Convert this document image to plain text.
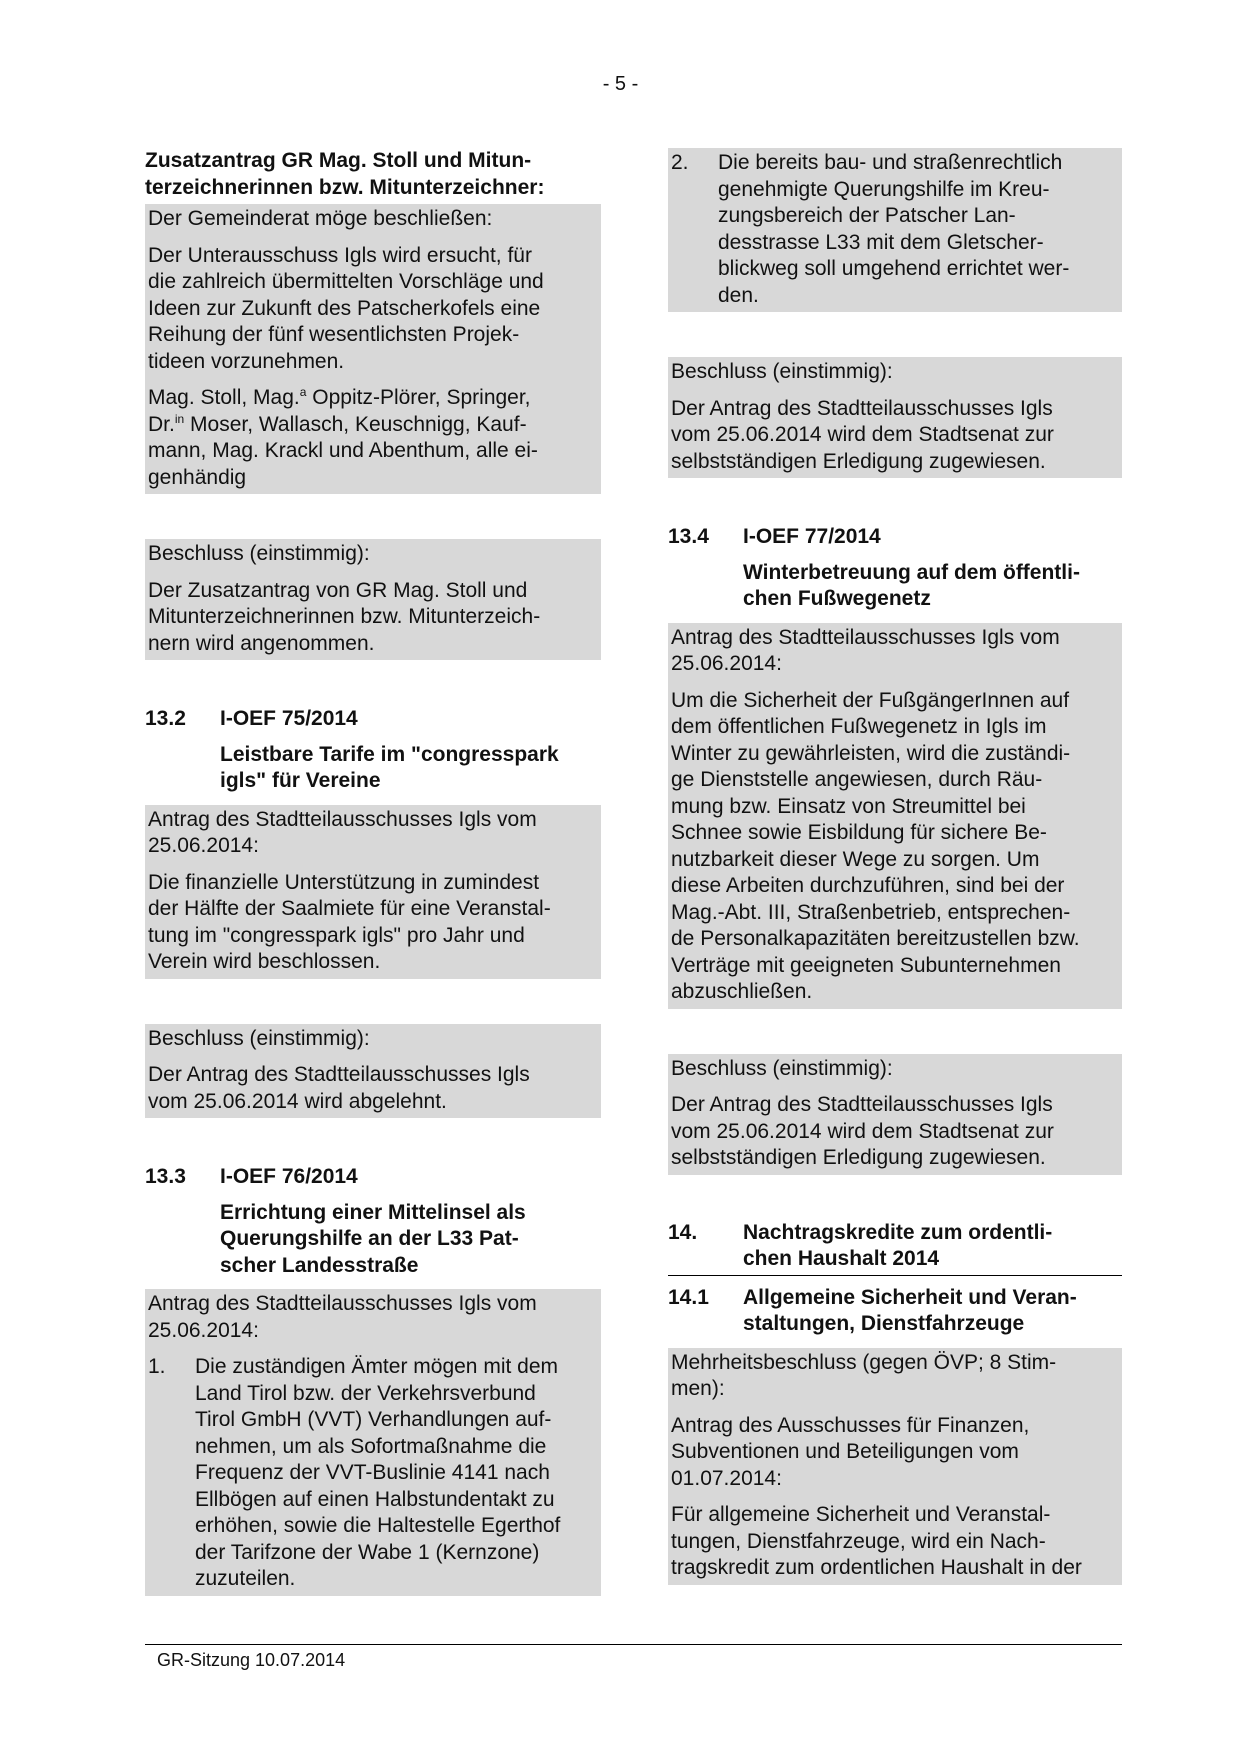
- 5 -
Zusatzantrag GR Mag. Stoll und Mitun-
terzeichnerinnen bzw. Mitunterzeichner:

Der Gemeinderat möge beschließen:

Der Unterausschuss Igls wird ersucht, für
die zahlreich übermittelten Vorschläge und
Ideen zur Zukunft des Patscherkofels eine
Reihung der fünf wesentlichsten Projek-
tideen vorzunehmen.

Mag. Stoll, Mag.$^a$ Oppitz-Plörer, Springer,
Dr.$^{in}$ Moser, Wallasch, Keuschnigg, Kauf-
mann, Mag. Krackl und Abenthum, alle ei-
genhändig

Beschluss (einstimmig):

Der Zusatzantrag von GR Mag. Stoll und
Mitunterzeichnerinnen bzw. Mitunterzeich-
nern wird angenommen.

13.2	I-OEF 75/2014
Leistbare Tarife im "congresspark
igls" für Vereine

Antrag des Stadtteilausschusses Igls vom
25.06.2014:

Die finanzielle Unterstützung in zumindest
der Hälfte der Saalmiete für eine Veranstal-
tung im "congresspark igls" pro Jahr und
Verein wird beschlossen.

Beschluss (einstimmig):

Der Antrag des Stadtteilausschusses Igls
vom 25.06.2014 wird abgelehnt.

13.3	I-OEF 76/2014
Errichtung einer Mittelinsel als
Querungshilfe an der L33 Pat-
scher Landesstraße

Antrag des Stadtteilausschusses Igls vom
25.06.2014:

1.	Die zuständigen Ämter mögen mit dem
Land Tirol bzw. der Verkehrsverbund
Tirol GmbH (VVT) Verhandlungen auf-
nehmen, um als Sofortmaßnahme die
Frequenz der VVT-Buslinie 4141 nach
Ellbögen auf einen Halbstundentakt zu
erhöhen, sowie die Haltestelle Egerthof
der Tarifzone der Wabe 1 (Kernzone)
zuzuteilen.

2.	Die bereits bau- und straßenrechtlich
genehmigte Querungshilfe im Kreu-
zungsbereich der Patscher Lan-
desstrasse L33 mit dem Gletscher-
blickweg soll umgehend errichtet wer-
den.

Beschluss (einstimmig):

Der Antrag des Stadtteilausschusses Igls
vom 25.06.2014 wird dem Stadtsenat zur
selbstständigen Erledigung zugewiesen.

13.4	I-OEF 77/2014
Winterbetreuung auf dem öffentli-
chen Fußwegenetz

Antrag des Stadtteilausschusses Igls vom
25.06.2014:

Um die Sicherheit der FußgängerInnen auf
dem öffentlichen Fußwegenetz in Igls im
Winter zu gewährleisten, wird die zuständi-
ge Dienststelle angewiesen, durch Räu-
mung bzw. Einsatz von Streumittel bei
Schnee sowie Eisbildung für sichere Be-
nutzbarkeit dieser Wege zu sorgen. Um
diese Arbeiten durchzuführen, sind bei der
Mag.-Abt. III, Straßenbetrieb, entsprechen-
de Personalkapazitäten bereitzustellen bzw.
Verträge mit geeigneten Subunternehmen
abzuschließen.

Beschluss (einstimmig):

Der Antrag des Stadtteilausschusses Igls
vom 25.06.2014 wird dem Stadtsenat zur
selbstständigen Erledigung zugewiesen.

14.	Nachtragskredite zum ordentli-
chen Haushalt 2014
14.1	Allgemeine Sicherheit und Veran-
staltungen, Dienstfahrzeuge

Mehrheitsbeschluss (gegen ÖVP; 8 Stim-
men):

Antrag des Ausschusses für Finanzen,
Subventionen und Beteiligungen vom
01.07.2014:

Für allgemeine Sicherheit und Veranstal-
tungen, Dienstfahrzeuge, wird ein Nach-
tragskredit zum ordentlichen Haushalt in der

GR-Sitzung 10.07.2014
